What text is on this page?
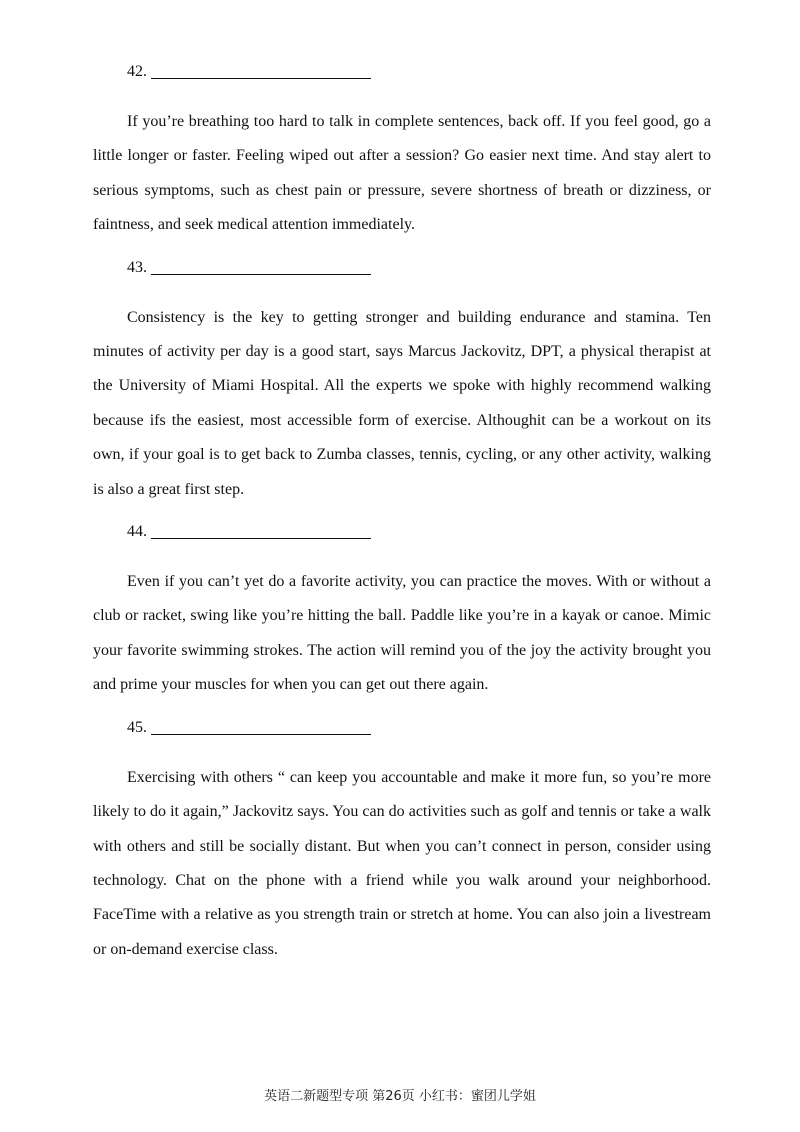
42.

If you’re breathing too hard to talk in complete sentences, back off. If you feel good, go a little longer or faster. Feeling wiped out after a session? Go easier next time. And stay alert to serious symptoms, such as chest pain or pressure, severe shortness of breath or dizziness, or faintness, and seek medical attention immediately.

43.

Consistency is the key to getting stronger and building endurance and stamina. Ten minutes of activity per day is a good start, says Marcus Jackovitz, DPT, a physical therapist at the University of Miami Hospital. All the experts we spoke with highly recommend walking because ifs the easiest, most accessible form of exercise. Althoughit can be a workout on its own, if your goal is to get back to Zumba classes, tennis, cycling, or any other activity, walking is also a great first step.

44.

Even if you can’t yet do a favorite activity, you can practice the moves. With or without a club or racket, swing like you’re hitting the ball. Paddle like you’re in a kayak or canoe. Mimic your favorite swimming strokes. The action will remind you of the joy the activity brought you and prime your muscles for when you can get out there again.

45.

Exercising with others “ can keep you accountable and make it more fun, so you’re more likely to do it again,” Jackovitz says. You can do activities such as golf and tennis or take a walk with others and still be socially distant. But when you can’t connect in person, consider using technology. Chat on the phone with a friend while you walk around your neighborhood. FaceTime with a relative as you strength train or stretch at home. You can also join a livestream or on-demand exercise class.

英语二新题型专项 第26页 小红书：蜜团儿学姐
